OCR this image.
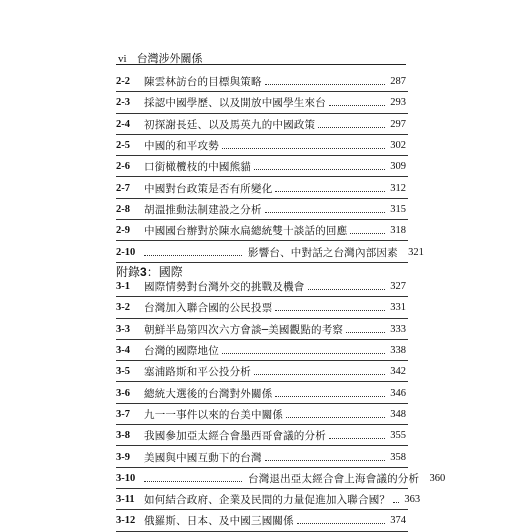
vi 台灣涉外關係
2-2	陳雲林訪台的目標與策略	287
2-3	採認中國學歷、以及開放中國學生來台	293
2-4	初探謝長廷、以及馬英九的中國政策	297
2-5	中國的和平攻勢	302
2-6	口銜橄欖枝的中國熊貓	309
2-7	中國對台政策是否有所變化	312
2-8	胡溫推動法制建設之分析	315
2-9	中國國台辦對於陳水扁總統雙十談話的回應	318
2-10	影響台、中對話之台灣內部因素 321
附錄3：國際
3-1	國際情勢對台灣外交的挑戰及機會	327
3-2	台灣加入聯合國的公民投票	331
3-3	朝鮮半島第四次六方會談─美國觀點的考察	333
3-4	台灣的國際地位	338
3-5	塞浦路斯和平公投分析	342
3-6	總統大選後的台灣對外關係	346
3-7	九一一事件以來的台美中關係	348
3-8	我國參加亞太經合會墨西哥會議的分析	355
3-9	美國與中國互動下的台灣	358
3-10	台灣退出亞太經合會上海會議的分析 360
3-11 如何結合政府、企業及民間的力量促進加入聯合國？ 363
3-12 俄羅斯、日本、及中國三國關係	374
